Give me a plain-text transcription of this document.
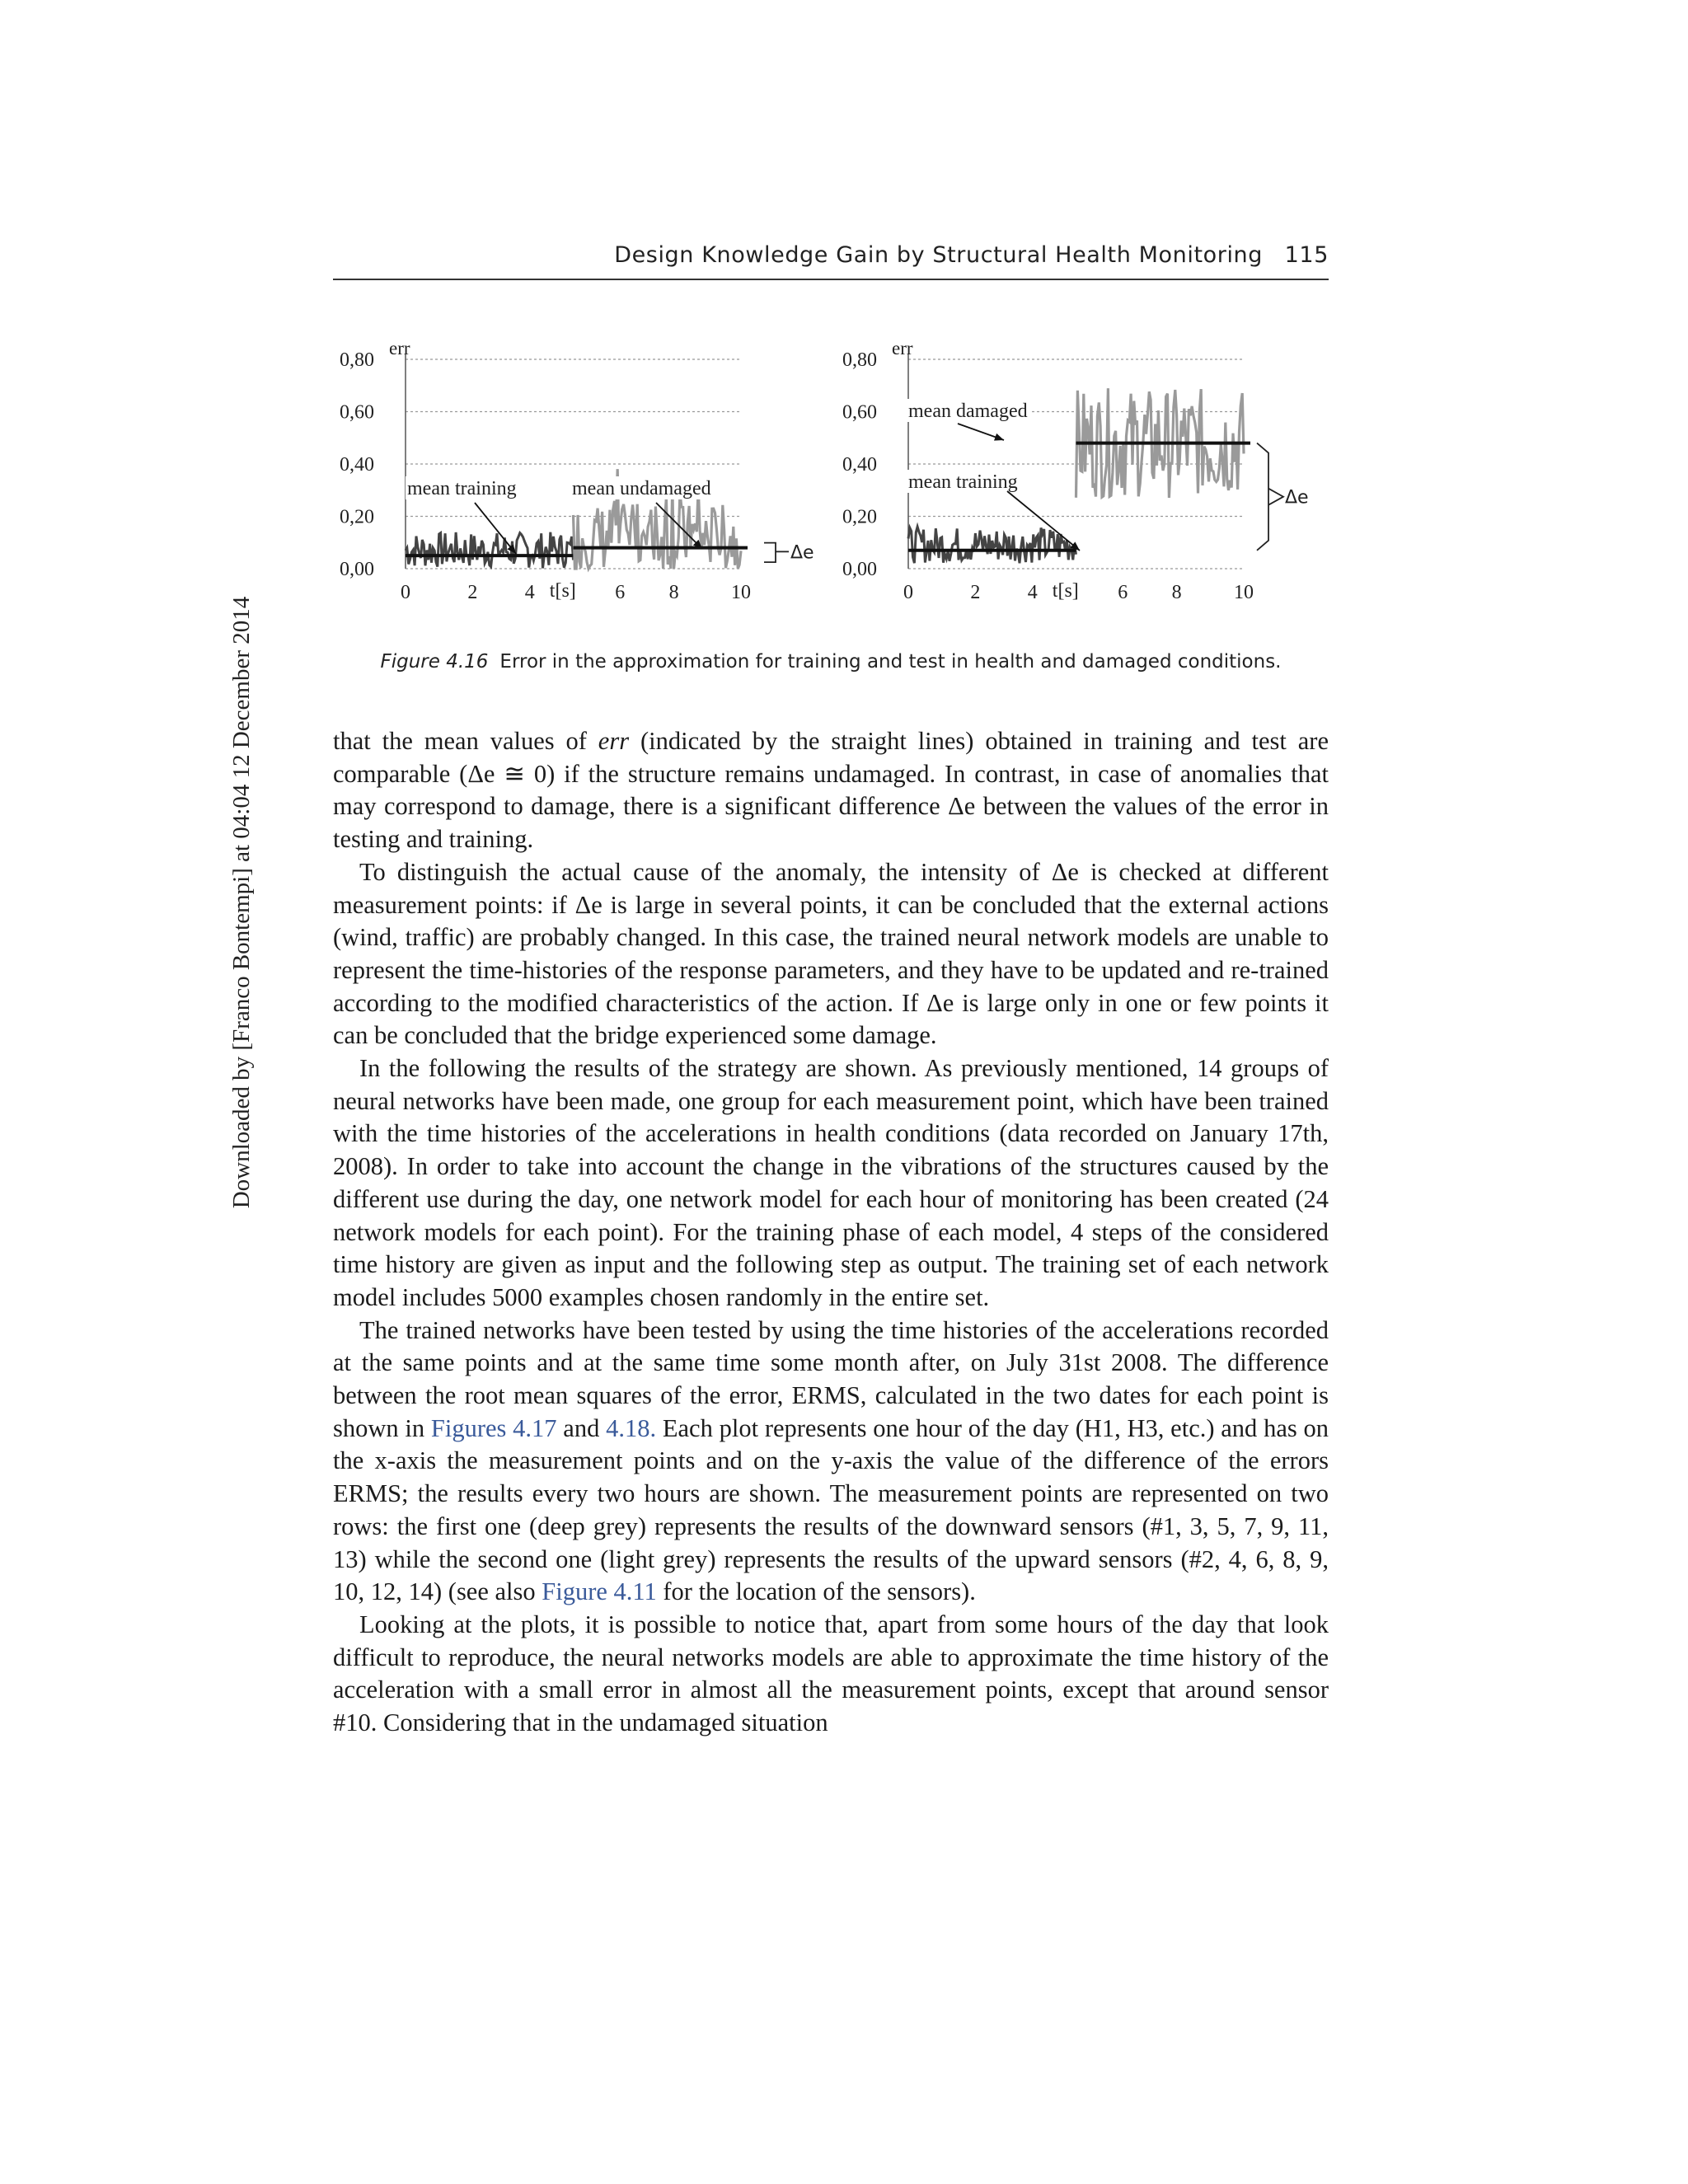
Design Knowledge Gain by Structural Health Monitoring 115
Downloaded by [Franco Bontempi] at 04:04 12 December 2014
0,00
0,20
0,40
0,60
0,80
err
0	2 4	6 8	10
t[s]
mean training	mean undamaged
Δe
0,00
0,20
0,40
0,60
0,80
err
0	2 4	6 8	10
t[s]
mean damaged
mean training
Δe
Figure 4.16 Error in the approximation for training and test in health and damaged conditions.

that the mean values of err (indicated by the straight lines) obtained in training and test are comparable (Δe ≅ 0) if the structure remains undamaged. In contrast, in case of anomalies that may correspond to damage, there is a significant difference Δe between the values of the error in testing and training.

To distinguish the actual cause of the anomaly, the intensity of Δe is checked at different measurement points: if Δe is large in several points, it can be concluded that the external actions (wind, traffic) are probably changed. In this case, the trained neural network models are unable to represent the time-histories of the response parameters, and they have to be updated and re-trained according to the modified characteristics of the action. If Δe is large only in one or few points it can be concluded that the bridge experienced some damage.

In the following the results of the strategy are shown. As previously mentioned, 14 groups of neural networks have been made, one group for each measurement point, which have been trained with the time histories of the accelerations in health conditions (data recorded on January 17th, 2008). In order to take into account the change in the vibrations of the structures caused by the different use during the day, one network model for each hour of monitoring has been created (24 network models for each point). For the training phase of each model, 4 steps of the considered time history are given as input and the following step as output. The training set of each network model includes 5000 examples chosen randomly in the entire set.

The trained networks have been tested by using the time histories of the accelerations recorded at the same points and at the same time some month after, on July 31st 2008. The difference between the root mean squares of the error, ERMS, calculated in the two dates for each point is shown in Figures 4.17 and 4.18. Each plot represents one hour of the day (H1, H3, etc.) and has on the x-axis the measurement points and on the y-axis the value of the difference of the errors ERMS; the results every two hours are shown. The measurement points are represented on two rows: the first one (deep grey) represents the results of the downward sensors (#1, 3, 5, 7, 9, 11, 13) while the second one (light grey) represents the results of the upward sensors (#2, 4, 6, 8, 9, 10, 12, 14) (see also Figure 4.11 for the location of the sensors).

Looking at the plots, it is possible to notice that, apart from some hours of the day that look difficult to reproduce, the neural networks models are able to approximate the time history of the acceleration with a small error in almost all the measurement points, except that around sensor #10. Considering that in the undamaged situation
